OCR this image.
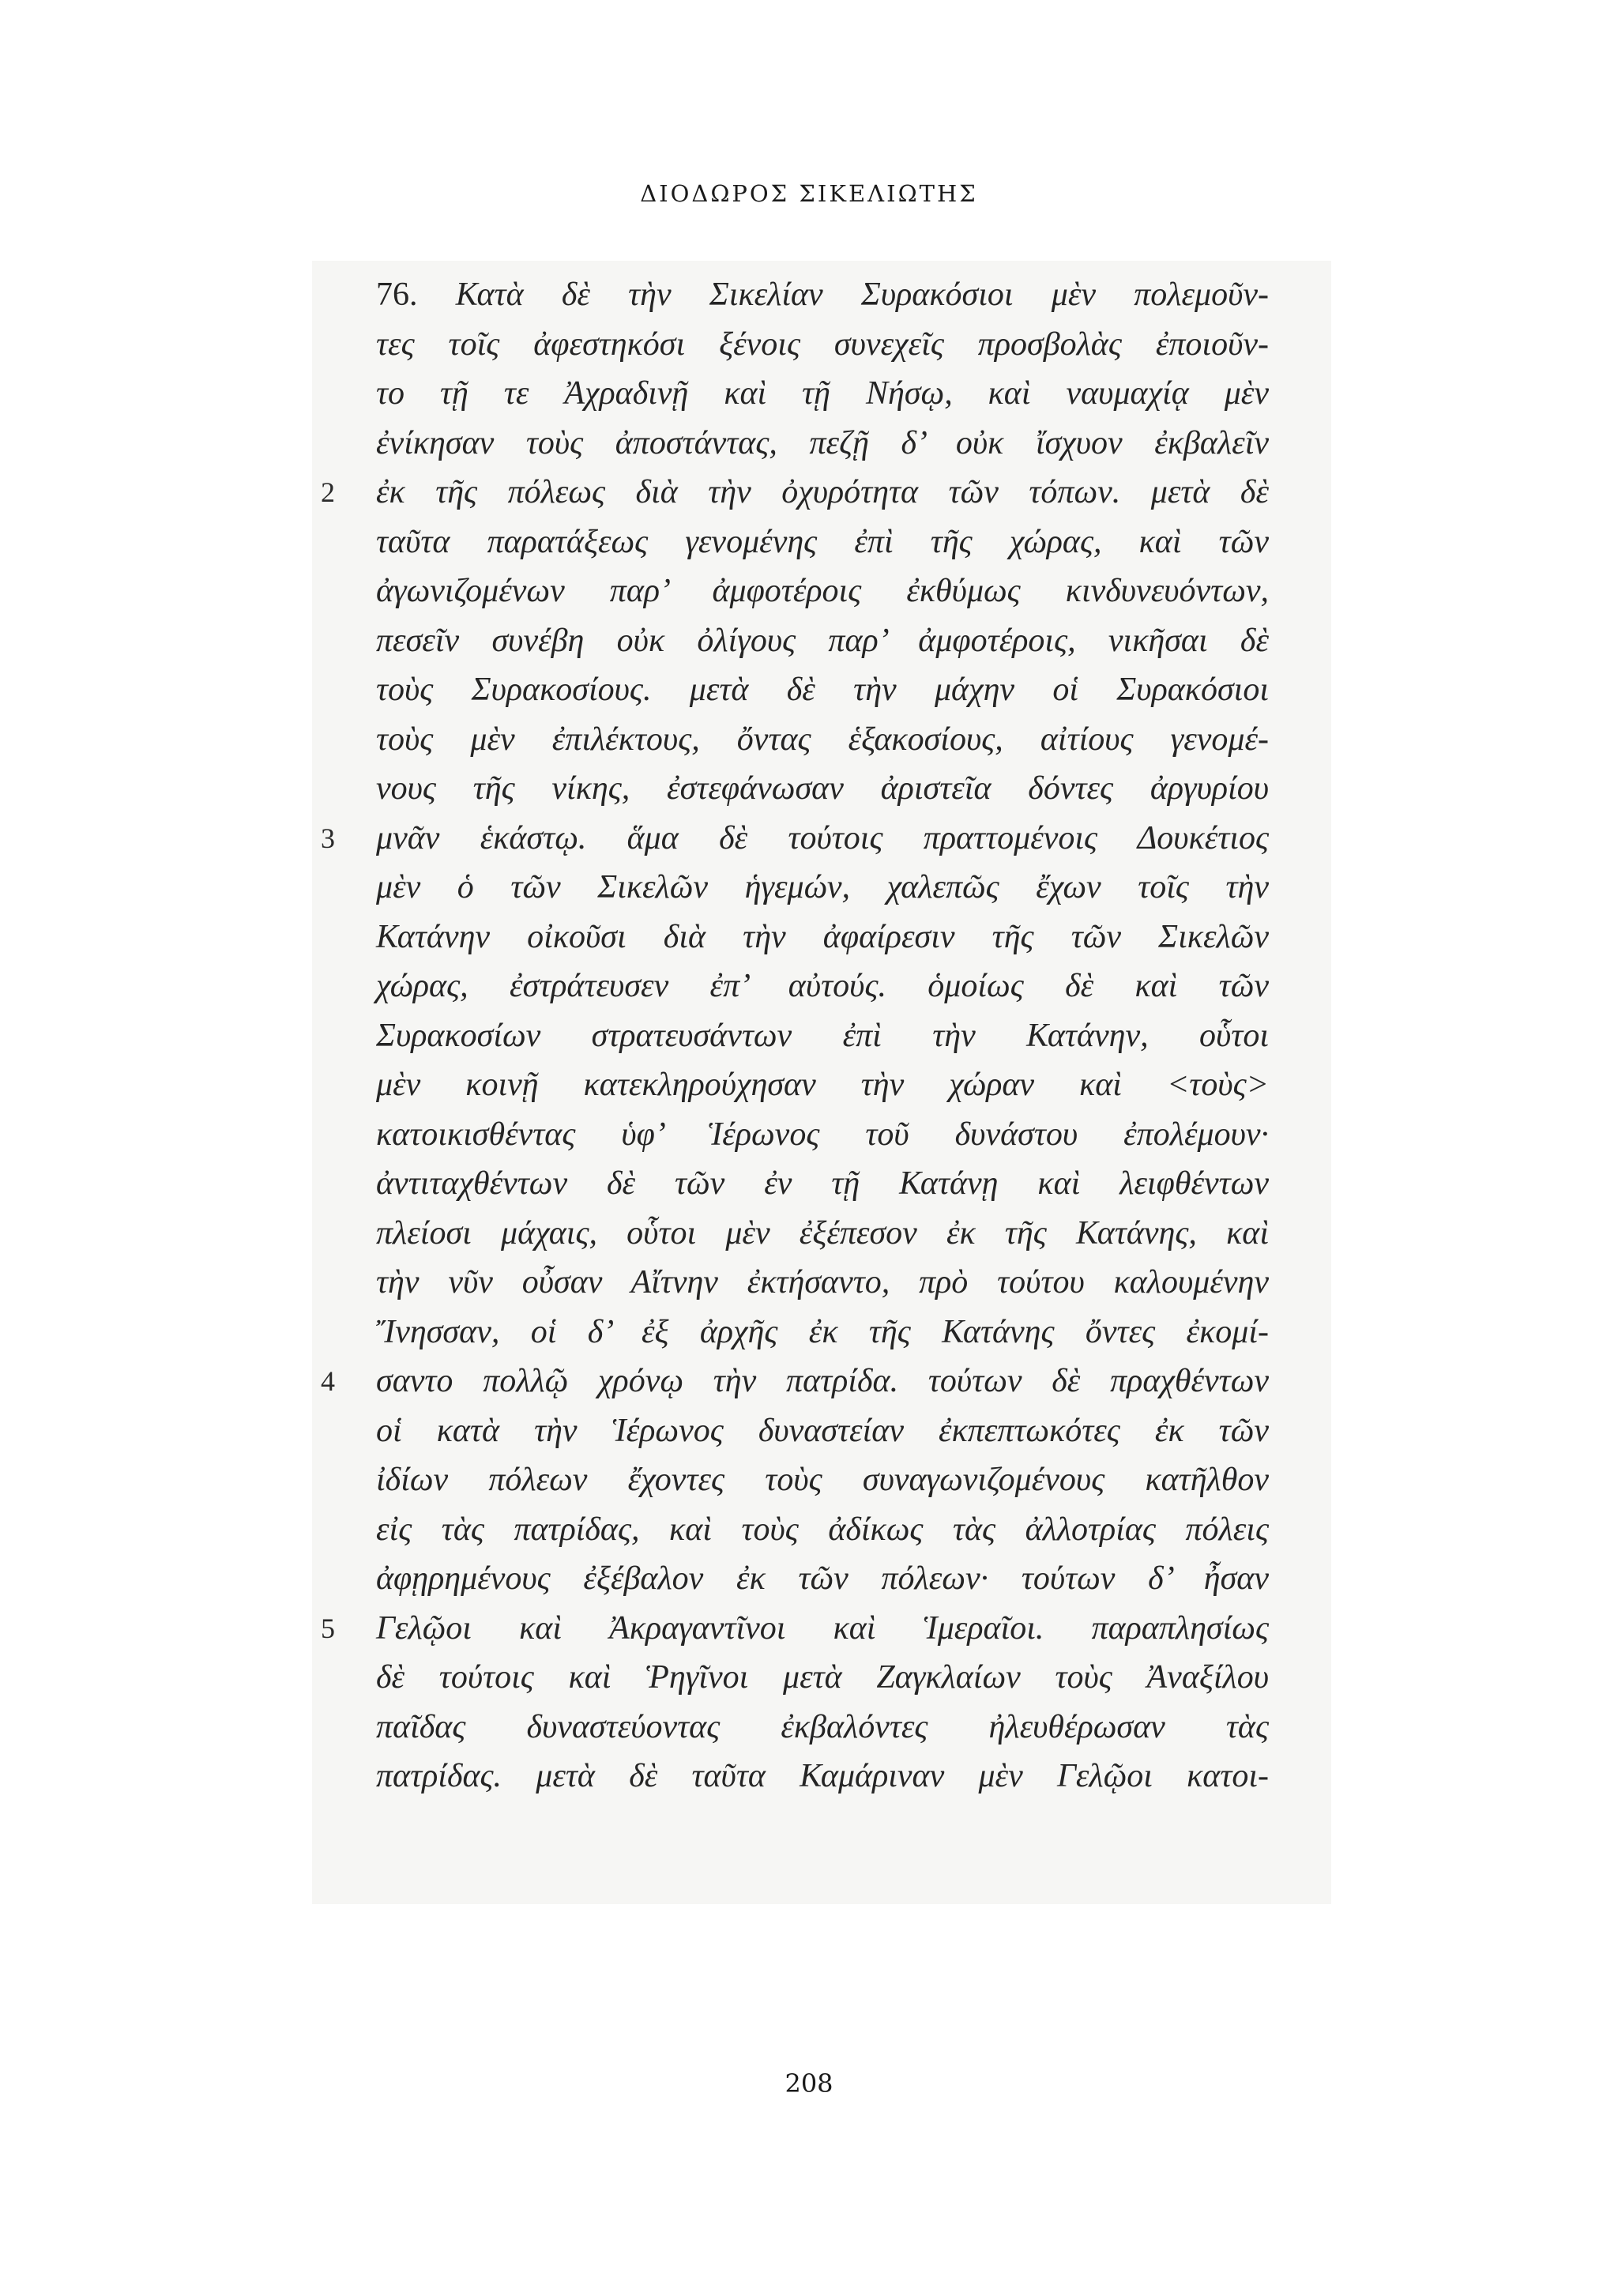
ΔΙΟΔΩΡΟΣ ΣΙΚΕΛΙΩΤΗΣ
76. Κατὰ δὲ τὴν Σικελίαν Συρακόσιοι μὲν πολεμοῦν-
τες τοῖς ἀφεστηκόσι ξένοις συνεχεῖς προσβολὰς ἐποιοῦν-
το τῇ τε Ἀχραδινῇ καὶ τῇ Νήσῳ, καὶ ναυμαχίᾳ μὲν
ἐνίκησαν τοὺς ἀποστάντας, πεζῇ δ’ οὐκ ἴσχυον ἐκβαλεῖν
2 ἐκ τῆς πόλεως διὰ τὴν ὀχυρότητα τῶν τόπων. μετὰ δὲ
ταῦτα παρατάξεως γενομένης ἐπὶ τῆς χώρας, καὶ τῶν
ἀγωνιζομένων παρ’ ἀμφοτέροις ἐκθύμως κινδυνευόντων,
πεσεῖν συνέβη οὐκ ὀλίγους παρ’ ἀμφοτέροις, νικῆσαι δὲ
τοὺς Συρακοσίους. μετὰ δὲ τὴν μάχην οἱ Συρακόσιοι
τοὺς μὲν ἐπιλέκτους, ὄντας ἑξακοσίους, αἰτίους γενομέ-
νους τῆς νίκης, ἐστεφάνωσαν ἀριστεῖα δόντες ἀργυρίου
3 μνᾶν ἑκάστῳ. ἅμα δὲ τούτοις πραττομένοις Δουκέτιος
μὲν ὁ τῶν Σικελῶν ἡγεμών, χαλεπῶς ἔχων τοῖς τὴν
Κατάνην οἰκοῦσι διὰ τὴν ἀφαίρεσιν τῆς τῶν Σικελῶν
χώρας, ἐστράτευσεν ἐπ’ αὐτούς. ὁμοίως δὲ καὶ τῶν
Συρακοσίων στρατευσάντων ἐπὶ τὴν Κατάνην, οὗτοι
μὲν κοινῇ κατεκληρούχησαν τὴν χώραν καὶ <τοὺς>
κατοικισθέντας ὑφ’ Ἱέρωνος τοῦ δυνάστου ἐπολέμουν·
ἀντιταχθέντων δὲ τῶν ἐν τῇ Κατάνῃ καὶ λειφθέντων
πλείοσι μάχαις, οὗτοι μὲν ἐξέπεσον ἐκ τῆς Κατάνης, καὶ
τὴν νῦν οὖσαν Αἴτνην ἐκτήσαντο, πρὸ τούτου καλουμένην
Ἴνησσαν, οἱ δ’ ἐξ ἀρχῆς ἐκ τῆς Κατάνης ὄντες ἐκομί-
4 σαντο πολλῷ χρόνῳ τὴν πατρίδα. τούτων δὲ πραχθέντων
οἱ κατὰ τὴν Ἱέρωνος δυναστείαν ἐκπεπτωκότες ἐκ τῶν
ἰδίων πόλεων ἔχοντες τοὺς συναγωνιζομένους κατῆλθον
εἰς τὰς πατρίδας, καὶ τοὺς ἀδίκως τὰς ἀλλοτρίας πόλεις
ἀφῃρημένους ἐξέβαλον ἐκ τῶν πόλεων· τούτων δ’ ἦσαν
5 Γελῷοι καὶ Ἀκραγαντῖνοι καὶ Ἱμεραῖοι. παραπλησίως
δὲ τούτοις καὶ Ῥηγῖνοι μετὰ Ζαγκλαίων τοὺς Ἀναξίλου
παῖδας δυναστεύοντας ἐκβαλόντες ἠλευθέρωσαν τὰς
πατρίδας. μετὰ δὲ ταῦτα Καμάριναν μὲν Γελῷοι κατοι-
208
